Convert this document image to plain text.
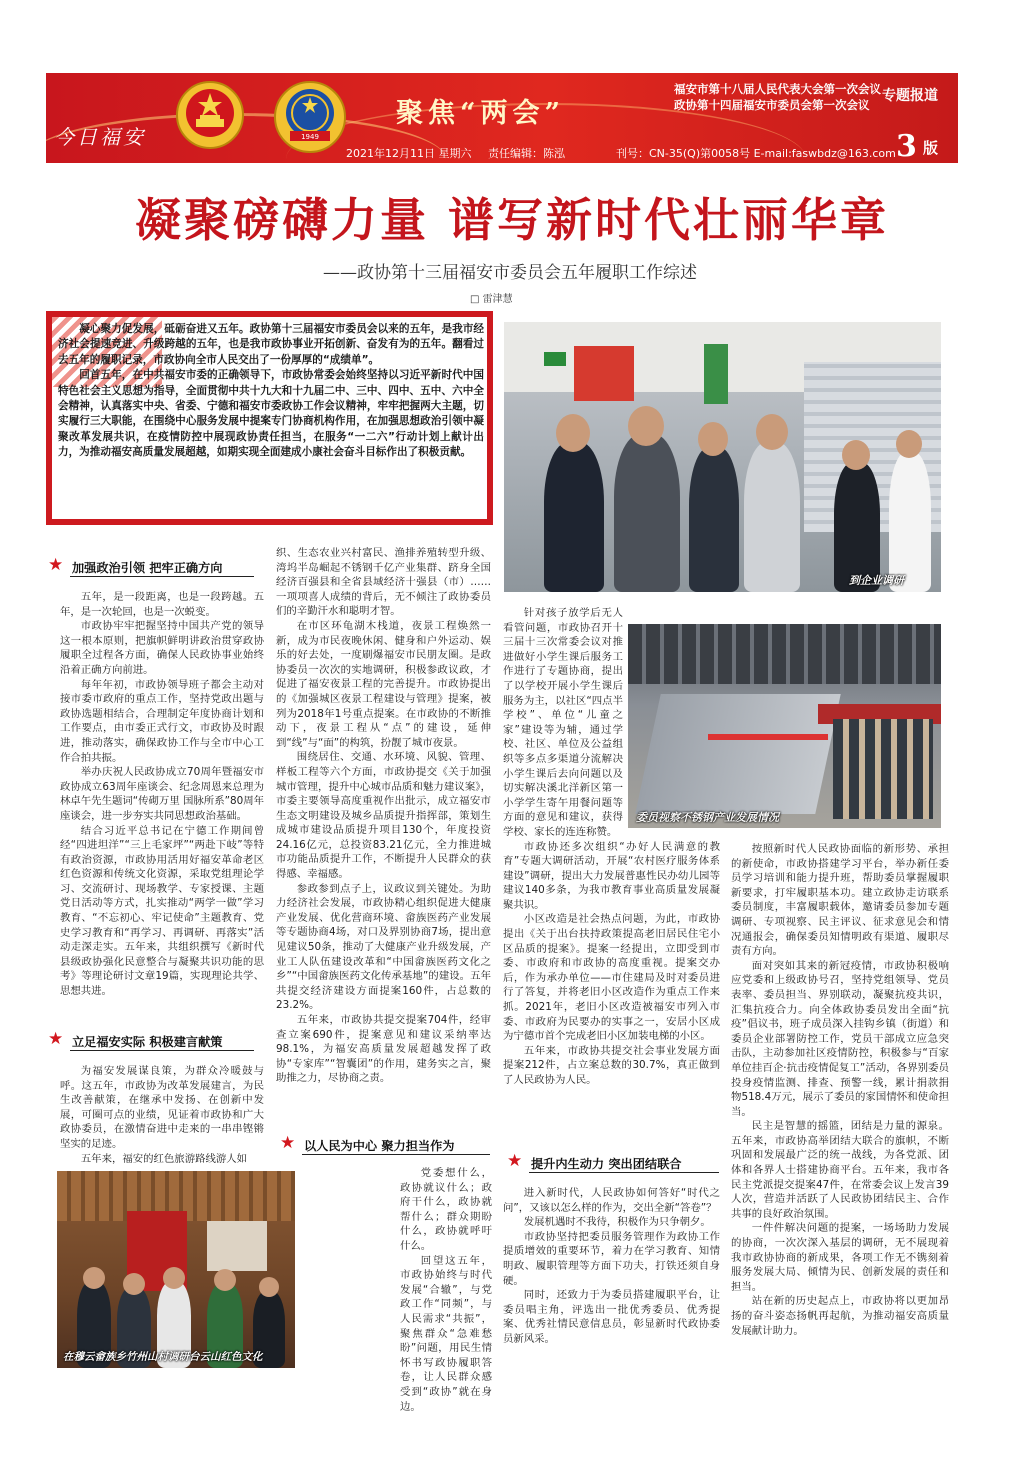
今日福安	1949
聚焦“两会”
福安市第十八届人民代表大会第一次会议
政协第十四届福安市委员会第一次会议
专题报道
2021年12月11日 星期六 责任编辑：陈泓	刊号：CN-35(Q)第0058号 E-mail:faswbdz@163.com 3 版
凝聚磅礴力量 谱写新时代壮丽华章
——政协第十三届福安市委员会五年履职工作综述
□ 雷津慧

凝心聚力促发展，砥砺奋进又五年。政协第十三届福安市委员会以来的五年，是我市经济社会提速竞进、升级跨越的五年，也是我市政协事业开拓创新、奋发有为的五年。翻看过去五年的履职记录，市政协向全市人民交出了一份厚厚的“成绩单”。

回首五年，在中共福安市委的正确领导下，市政协常委会始终坚持以习近平新时代中国特色社会主义思想为指导，全面贯彻中共十九大和十九届二中、三中、四中、五中、六中全会精神，认真落实中央、省委、宁德和福安市委政协工作会议精神，牢牢把握两大主题，切实履行三大职能，在围绕中心服务发展中提案专门协商机构作用，在加强思想政治引领中凝聚改革发展共识，在疫情防控中展现政协责任担当，在服务“一二六”行动计划上献计出力，为推动福安高质量发展超越，如期实现全面建成小康社会奋斗目标作出了积极贡献。

到企业调研
委员视察不锈钢产业发展情况
在穆云畲族乡竹州山村调研台云山红色文化
★ 加强政治引领 把牢正确方向

五年，是一段距离，也是一段跨越。五年，是一次轮回，也是一次蜕变。

市政协牢牢把握坚持中国共产党的领导这一根本原则，把旗帜鲜明讲政治贯穿政协履职全过程各方面，确保人民政协事业始终沿着正确方向前进。

每年年初，市政协领导班子都会主动对接市委市政府的重点工作，坚持党政出题与政协选题相结合，合理制定年度协商计划和工作要点，由市委正式行文，市政协及时跟进，推动落实，确保政协工作与全市中心工作合拍共振。

举办庆祝人民政协成立70周年暨福安市政协成立63周年座谈会、纪念周恩来总理为林卓午先生题词“传砌万里 国脉所系”80周年座谈会，进一步夯实共同思想政治基础。

结合习近平总书记在宁德工作期间曾经“四进坦洋”“三上毛家坪”“两赴下岐”等特有政治资源，市政协用活用好福安革命老区红色资源和传统文化资源，采取党组理论学习、交流研讨、现场教学、专家授课、主题党日活动等方式，扎实推动“两学一做”学习教育、“不忘初心、牢记使命”主题教育、党史学习教育和“再学习、再调研、再落实”活动走深走实。五年来，共组织撰写《新时代县级政协强化民意整合与凝聚共识功能的思考》等理论研讨文章19篇，实现理论共学、思想共进。

★ 立足福安实际 积极建言献策

为福安发展谋良策，为群众冷暖鼓与呼。这五年，市政协为改革发展建言，为民生改善献策，在继承中发扬、在创新中发展，可圈可点的业绩，见证着市政协和广大政协委员，在激情奋进中走来的一串串铿锵坚实的足迹。

五年来，福安的红色旅游路线游人如

织、生态农业兴村富民、渔排养殖转型升级、湾坞半岛崛起不锈钢千亿产业集群、跻身全国经济百强县和全省县域经济十强县（市）……一项项喜人成绩的背后，无不倾注了政协委员们的辛勤汗水和聪明才智。

在市区环龟湖木栈道，夜景工程焕然一新，成为市民夜晚休闲、健身和户外运动、娱乐的好去处，一度刷爆福安市民朋友圈。是政协委员一次次的实地调研，积极参政议政，才促进了福安夜景工程的完善提升。市政协提出的《加强城区夜景工程建设与管理》提案，被列为2018年1号重点提案。在市政协的不断推动下，夜景工程从“点”的建设，延伸到“线”与“面”的构筑，扮靓了城市夜景。

围绕居住、交通、水环境、风貌、管理、样板工程等六个方面，市政协提交《关于加强城市管理，提升中心城市品质和魅力建议案》，市委主要领导高度重视作出批示，成立福安市生态文明建设及城乡品质提升指挥部，策划生成城市建设品质提升项目130个，年度投资24.16亿元，总投资83.21亿元，全力推进城市功能品质提升工作，不断提升人民群众的获得感、幸福感。

参政参到点子上，议政议到关键处。为助力经济社会发展，市政协精心组织促进大健康产业发展、优化营商环境、畲族医药产业发展等专题协商4场，对口及界别协商7场，提出意见建议50条，推动了大健康产业升级发展，产业工人队伍建设改革和“中国畲族医药文化之乡”“中国畲族医药文化传承基地”的建设。五年共提交经济建设方面提案160件，占总数的23.2%。

五年来，市政协共提交提案704件，经审查立案690件，提案意见和建议采纳率达98.1%，为福安高质量发展超越发挥了政协“专家库”“智囊团”的作用，建务实之言，聚助推之力，尽协商之责。

★ 以人民为中心 聚力担当作为

党委想什么，政协就议什么；政府干什么，政协就帮什么；群众期盼什么，政协就呼吁什么。

回望这五年，市政协始终与时代发展“合辙”，与党政工作“同频”，与人民需求“共振”，聚焦群众“急难愁盼”问题，用民生情怀书写政协履职答卷，让人民群众感受到“政协”就在身边。

针对孩子放学后无人看管问题，市政协召开十三届十三次常委会议对推进做好小学生课后服务工作进行了专题协商，提出了以学校开展小学生课后服务为主，以社区“四点半学校”、单位“儿童之家”建设等为辅，通过学校、社区、单位及公益组织等多点多渠道分流解决小学生课后去向问题以及切实解决溪北洋新区第一小学学生寄午用餐问题等方面的意见和建议，获得学校、家长的连连称赞。

市政协还多次组织“办好人民满意的教育”专题大调研活动，开展“农村医疗服务体系建设”调研，提出大力发展普惠性民办幼儿园等建议140多条，为我市教育事业高质量发展凝聚共识。

小区改造是社会热点问题，为此，市政协提出《关于出台扶持政策提高老旧居民住宅小区品质的提案》。提案一经提出，立即受到市委、市政府和市政协的高度重视。提案交办后，作为承办单位——市住建局及时对委员进行了答复，并将老旧小区改造作为重点工作来抓。2021年，老旧小区改造被福安市列入市委、市政府为民要办的实事之一，安居小区成为宁德市首个完成老旧小区加装电梯的小区。

五年来，市政协共提交社会事业发展方面提案212件，占立案总数的30.7%，真正做到了人民政协为人民。

★ 提升内生动力 突出团结联合

进入新时代，人民政协如何答好“时代之问”，又该以怎么样的作为，交出全新“答卷”？

发展机遇时不我待，积极作为只争朝夕。

市政协坚持把委员服务管理作为政协工作提质增效的重要环节，着力在学习教育、知情明政、履职管理等方面下功夫，打铁还须自身硬。

同时，还致力于为委员搭建履职平台，让委员唱主角，评选出一批优秀委员、优秀提案、优秀社情民意信息员，彰显新时代政协委员新风采。

按照新时代人民政协面临的新形势、承担的新使命，市政协搭建学习平台，举办新任委员学习培训和能力提升班，帮助委员掌握履职新要求，打牢履职基本功。建立政协走访联系委员制度，丰富履职载体，邀请委员参加专题调研、专项视察、民主评议、征求意见会和情况通报会，确保委员知情明政有渠道、履职尽责有方向。

面对突如其来的新冠疫情，市政协积极响应党委和上级政协号召，坚持党组领导、党员表率、委员担当、界别联动，凝聚抗疫共识，汇集抗疫合力。向全体政协委员发出全面“抗疫”倡议书，班子成员深入挂钩乡镇（街道）和委员企业部署防控工作，党员干部成立应急突击队，主动参加社区疫情防控，积极参与“百家单位挂百企·抗击疫情促复工”活动，各界别委员投身疫情监测、排查、预警一线，累计捐款捐物518.4万元，展示了委员的家国情怀和使命担当。

民主是智慧的摇篮，团结是力量的源泉。五年来，市政协高举团结大联合的旗帜，不断巩固和发展最广泛的统一战线，为各党派、团体和各界人士搭建协商平台。五年来，我市各民主党派提交提案47件，在常委会议上发言39人次，营造并活跃了人民政协团结民主、合作共事的良好政治氛围。

一件件解决问题的提案，一场场助力发展的协商，一次次深入基层的调研，无不展现着我市政协协商的新成果，各项工作无不镌刻着服务发展大局、倾情为民、创新发展的责任和担当。

站在新的历史起点上，市政协将以更加昂扬的奋斗姿态扬帆再起航，为推动福安高质量发展献计助力。
